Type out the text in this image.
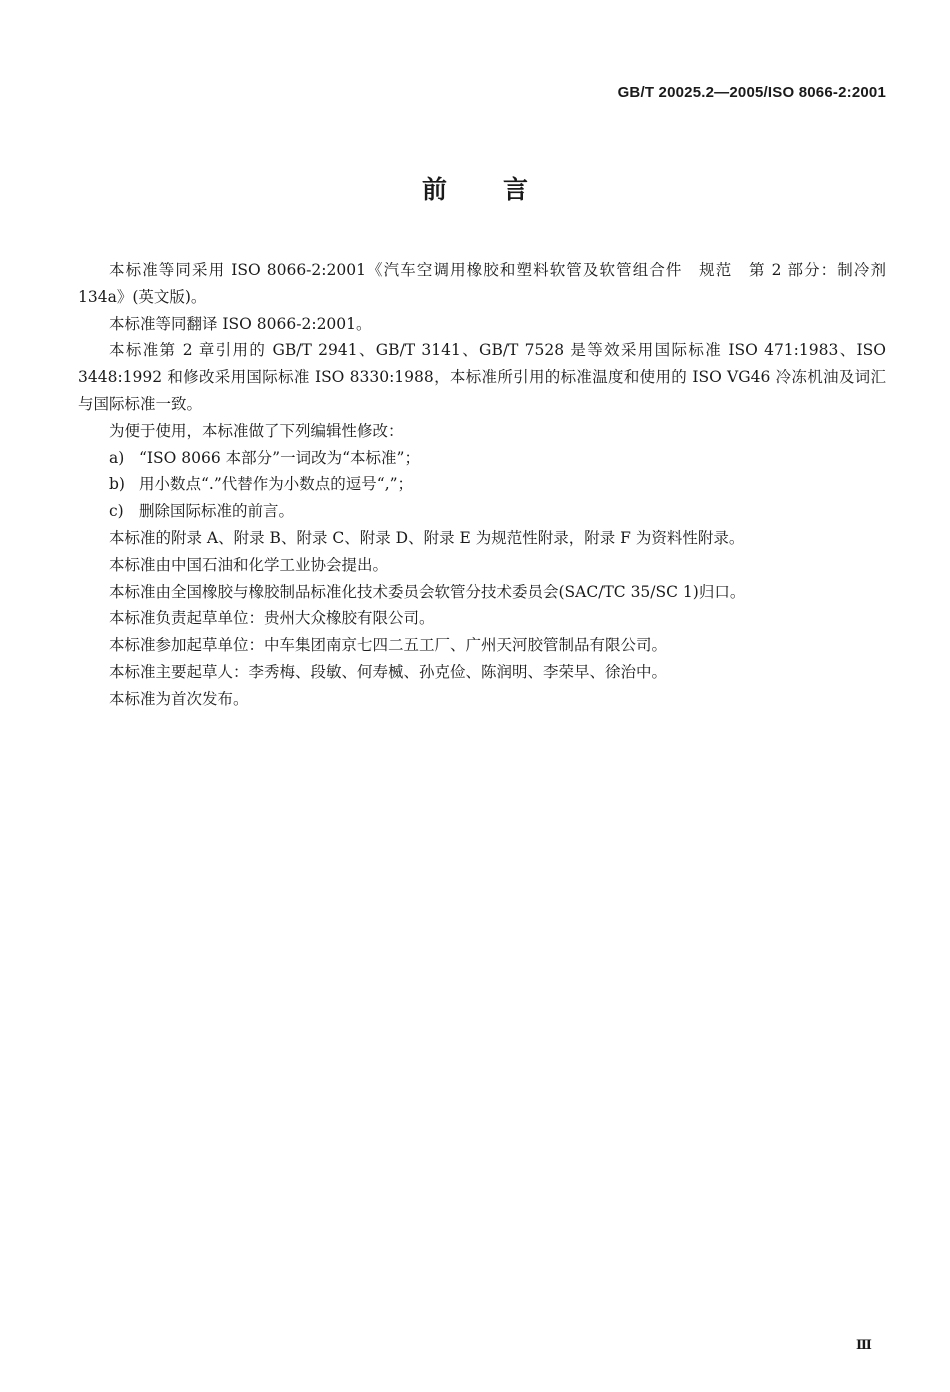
GB/T 20025.2—2005/ISO 8066-2:2001
前言

本标准等同采用 ISO 8066-2:2001《汽车空调用橡胶和塑料软管及软管组合件　规范　第 2 部分：制冷剂 134a》(英文版)。

本标准等同翻译 ISO 8066-2:2001。

本标准第 2 章引用的 GB/T 2941、GB/T 3141、GB/T 7528 是等效采用国际标准 ISO 471:1983、ISO 3448:1992 和修改采用国际标准 ISO 8330:1988，本标准所引用的标准温度和使用的 ISO VG46 冷冻机油及词汇与国际标准一致。

为便于使用，本标准做了下列编辑性修改：

a) “ISO 8066 本部分”一词改为“本标准”；
b) 用小数点“.”代替作为小数点的逗号“,”；
c) 删除国际标准的前言。

本标准的附录 A、附录 B、附录 C、附录 D、附录 E 为规范性附录，附录 F 为资料性附录。

本标准由中国石油和化学工业协会提出。

本标准由全国橡胶与橡胶制品标准化技术委员会软管分技术委员会(SAC/TC 35/SC 1)归口。

本标准负责起草单位：贵州大众橡胶有限公司。

本标准参加起草单位：中车集团南京七四二五工厂、广州天河胶管制品有限公司。

本标准主要起草人：李秀梅、段敏、何寿楲、孙克俭、陈润明、李荣早、徐治中。

本标准为首次发布。

Ⅲ
